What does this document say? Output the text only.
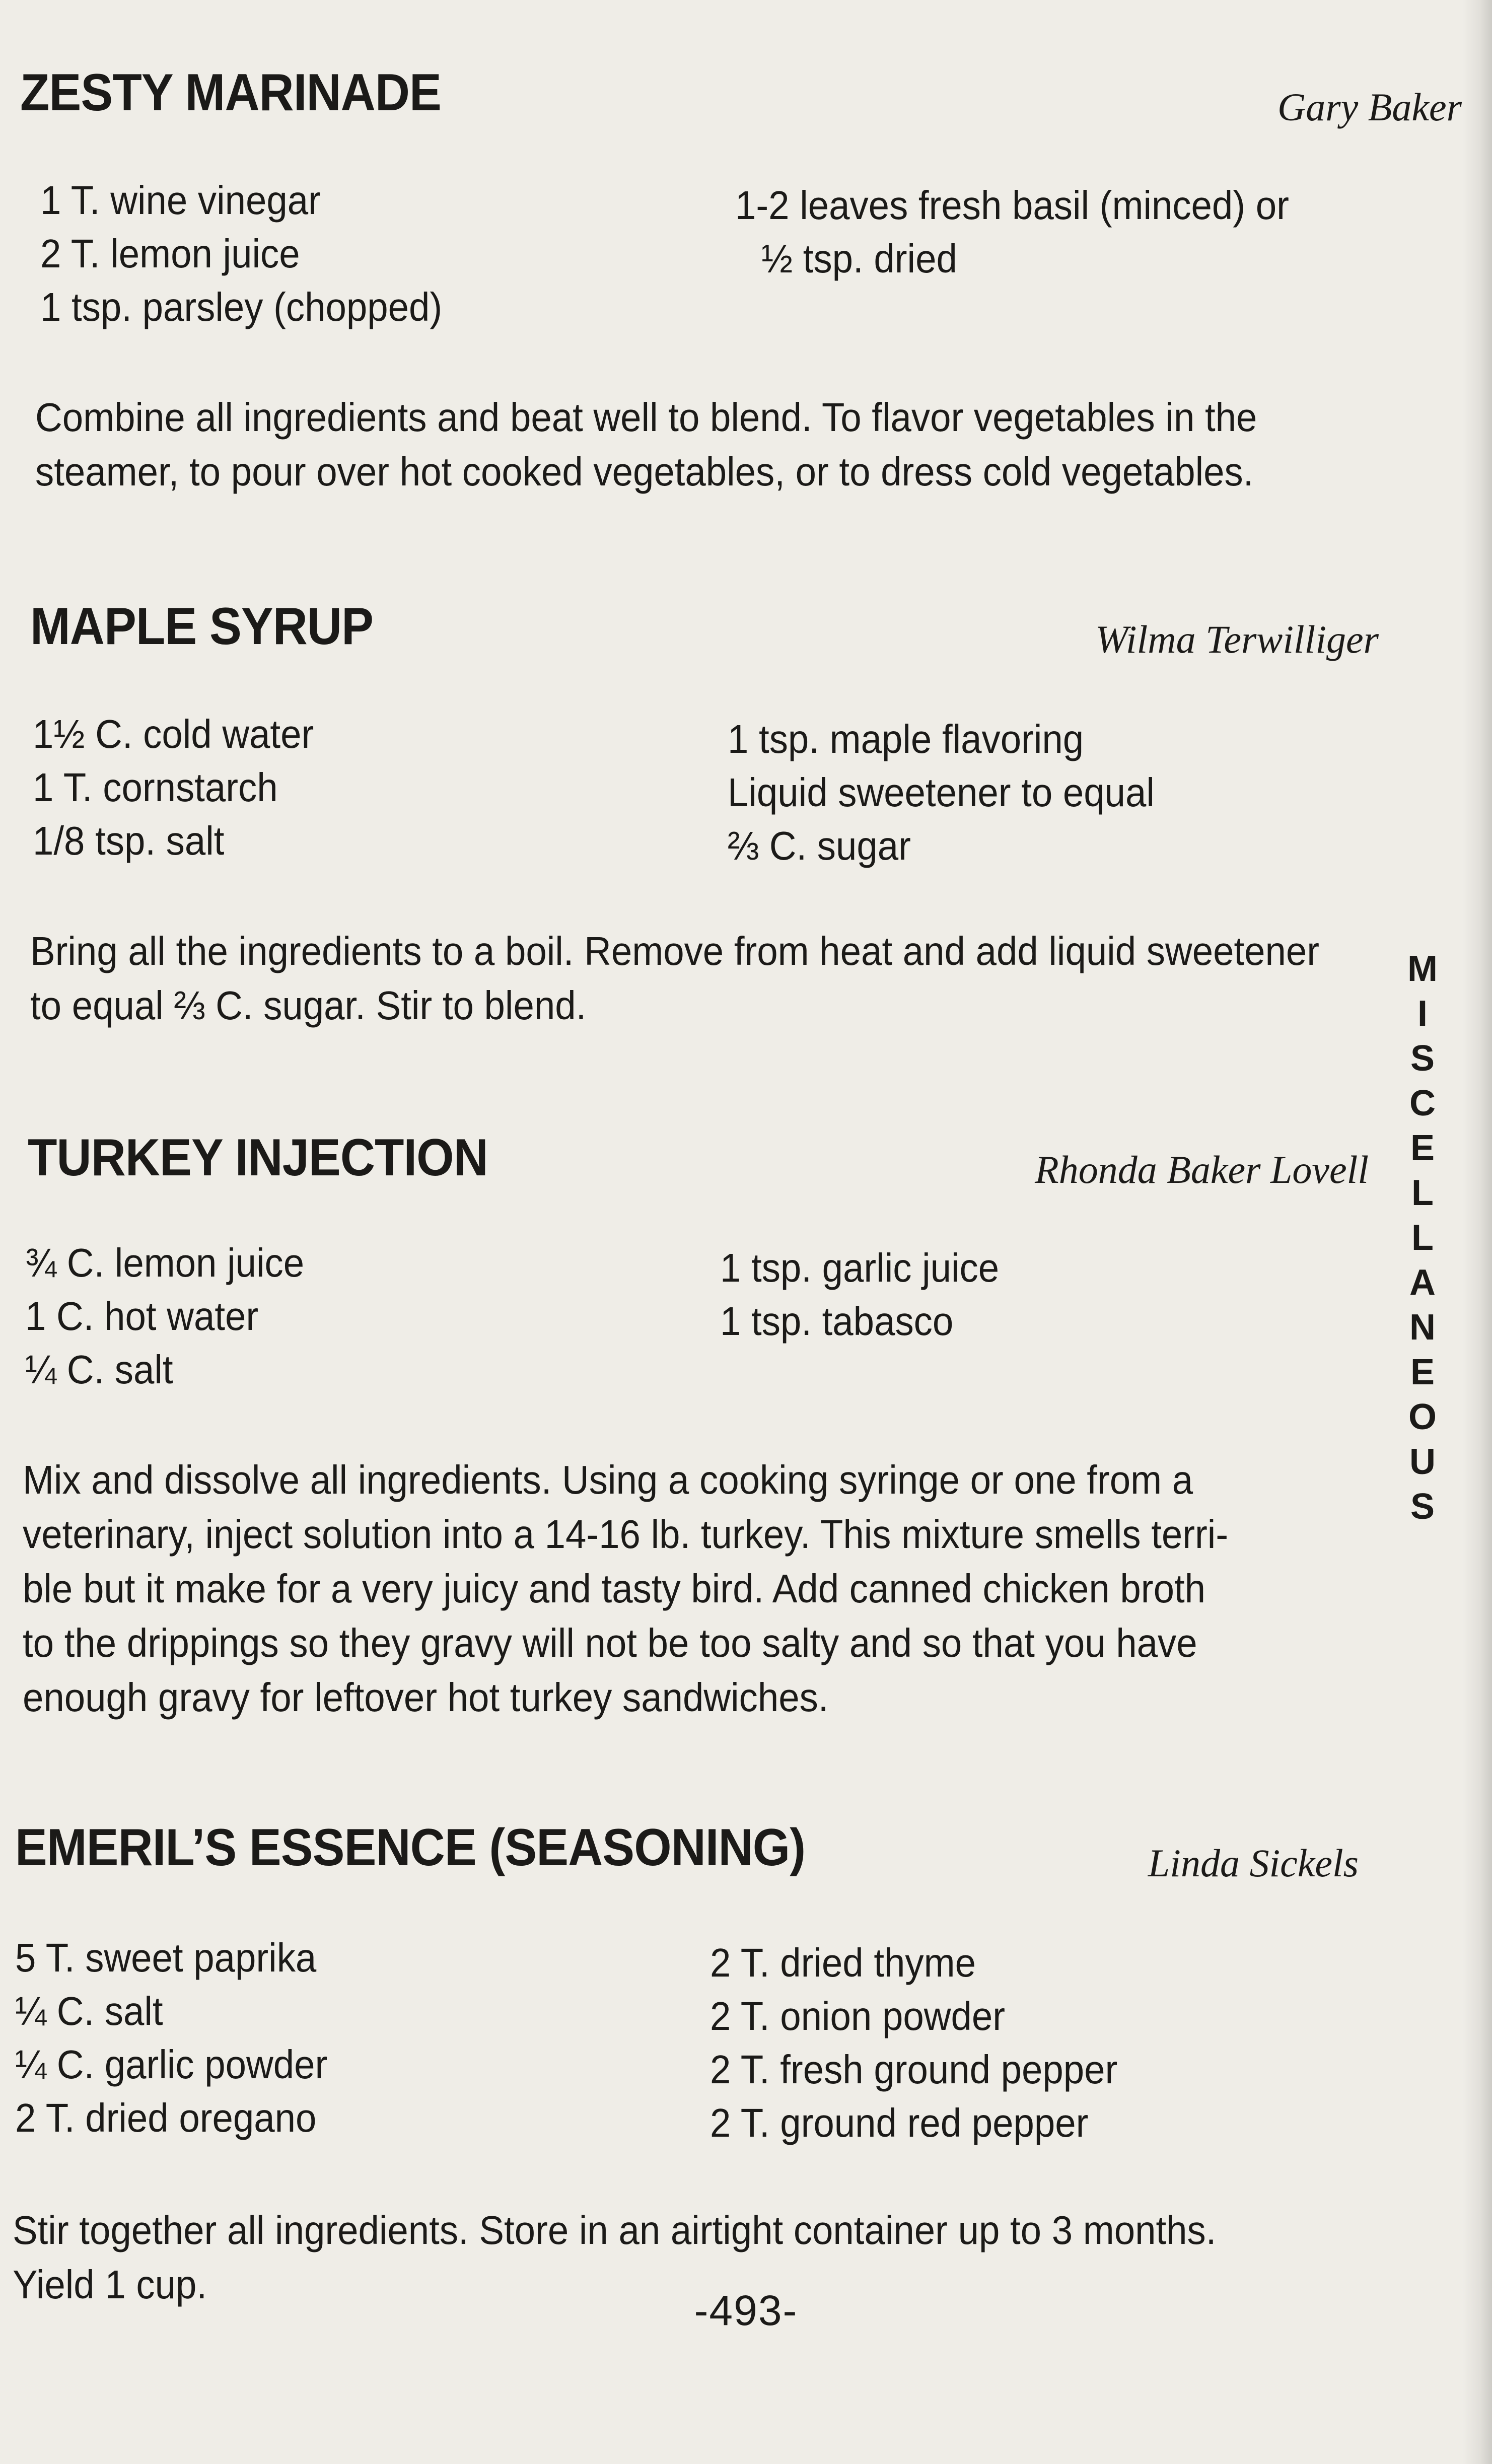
ZESTY MARINADE	Gary Baker
1 T. wine vinegar
2 T. lemon juice
1 tsp. parsley (chopped)
1-2 leaves fresh basil (minced) or
½ tsp. dried
Combine all ingredients and beat well to blend. To flavor vegetables in the
steamer, to pour over hot cooked vegetables, or to dress cold vegetables.
MAPLE SYRUP	Wilma Terwilliger
1½ C. cold water
1 T. cornstarch
1/8 tsp. salt
1 tsp. maple flavoring
Liquid sweetener to equal
⅔ C. sugar
Bring all the ingredients to a boil. Remove from heat and add liquid sweetener
to equal ⅔ C. sugar. Stir to blend.
TURKEY INJECTION	Rhonda Baker Lovell
¾ C. lemon juice
1 C. hot water
¼ C. salt
1 tsp. garlic juice
1 tsp. tabasco
Mix and dissolve all ingredients. Using a cooking syringe or one from a
veterinary, inject solution into a 14-16 lb. turkey. This mixture smells terri-
ble but it make for a very juicy and tasty bird. Add canned chicken broth
to the drippings so they gravy will not be too salty and so that you have
enough gravy for leftover hot turkey sandwiches.
EMERIL’S ESSENCE (SEASONING)	Linda Sickels
5 T. sweet paprika
¼ C. salt
¼ C. garlic powder
2 T. dried oregano
2 T. dried thyme
2 T. onion powder
2 T. fresh ground pepper
2 T. ground red pepper
Stir together all ingredients. Store in an airtight container up to 3 months.
Yield 1 cup.
-493-
M
I
S
C
E
L
L
A
N
E
O
U
S
